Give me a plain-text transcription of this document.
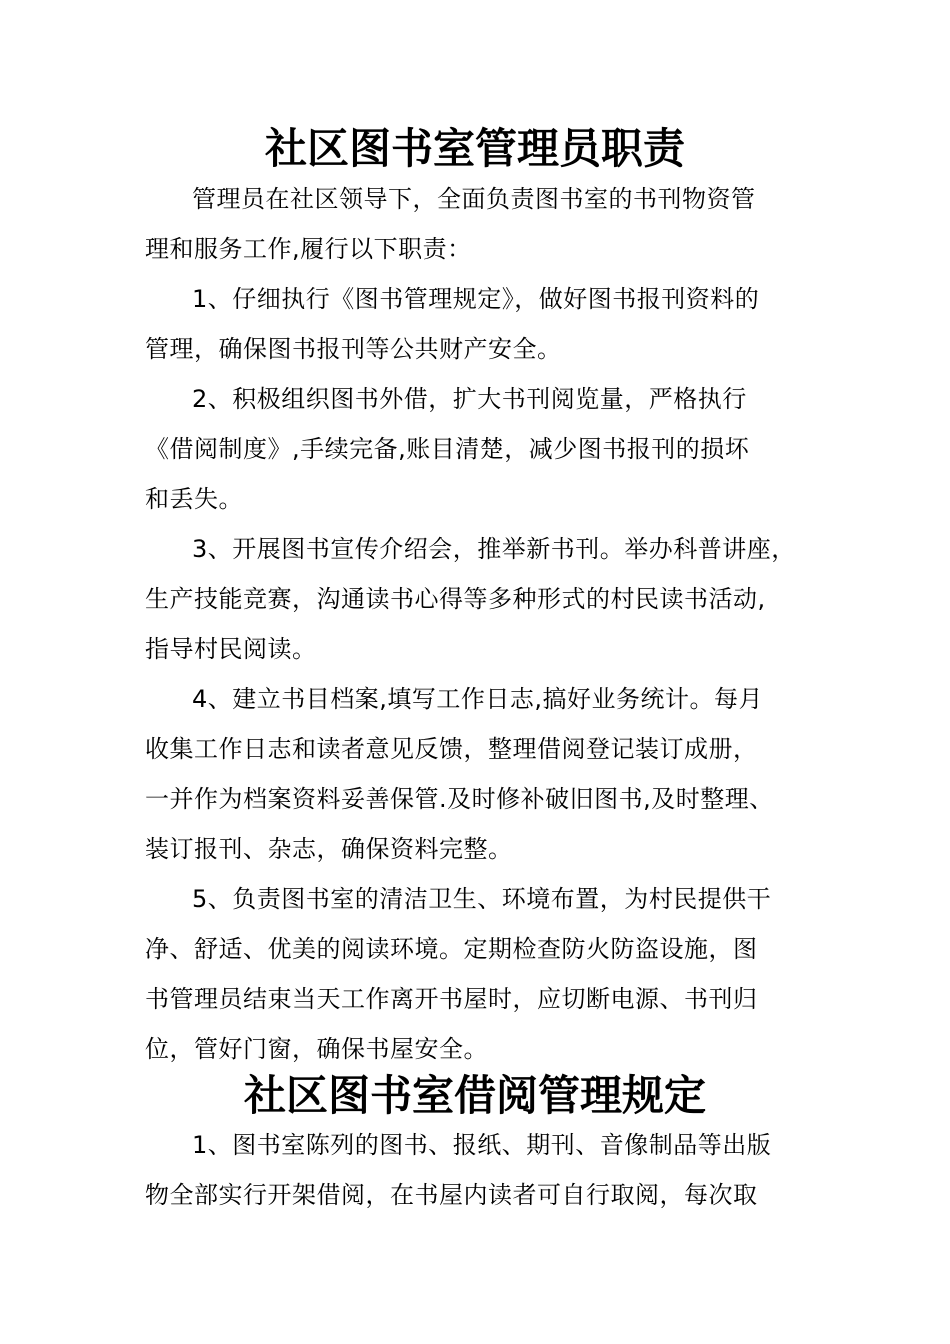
社区图书室管理员职责
管理员在社区领导下，全面负责图书室的书刊物资管
理和服务工作,履行以下职责：
1、仔细执行《图书管理规定》，做好图书报刊资料的
管理，确保图书报刊等公共财产安全。
2、积极组织图书外借，扩大书刊阅览量，严格执行
《借阅制度》,手续完备,账目清楚，减少图书报刊的损坏
和丢失。
3、开展图书宣传介绍会，推举新书刊。举办科普讲座，
生产技能竞赛，沟通读书心得等多种形式的村民读书活动,
指导村民阅读。
4、建立书目档案,填写工作日志,搞好业务统计。每月
收集工作日志和读者意见反馈，整理借阅登记装订成册，
一并作为档案资料妥善保管.及时修补破旧图书,及时整理、
装订报刊、杂志，确保资料完整。
5、负责图书室的清洁卫生、环境布置，为村民提供干
净、舒适、优美的阅读环境。定期检查防火防盗设施，图
书管理员结束当天工作离开书屋时，应切断电源、书刊归
位，管好门窗，确保书屋安全。
社区图书室借阅管理规定
1、图书室陈列的图书、报纸、期刊、音像制品等出版
物全部实行开架借阅，在书屋内读者可自行取阅，每次取
